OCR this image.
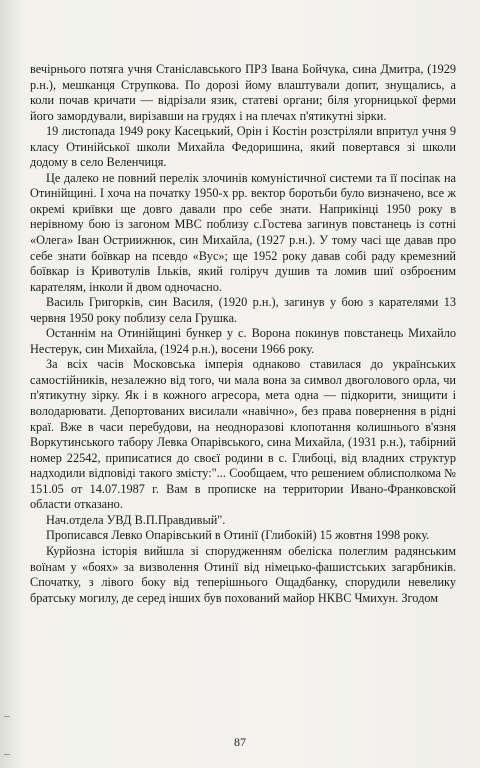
вечірнього потяга учня Станіславського ПРЗ Івана Бойчука, сина Дмитра, (1929 р.н.), мешканця Струпкова. По дорозі йому влаштували допит, знущались, а коли почав кричати — відрізали язик, статеві органи; біля угорницької ферми його замордували, вирізавши на грудях і на плечах п'ятикутні зірки.

19 листопада 1949 року Касецький, Орін і Костін розстріляли впритул учня 9 класу Отинійської школи Михайла Федоришина, який повертався зі школи додому в село Веленчиця.

Це далеко не повний перелік злочинів комуністичної системи та її посіпак на Отинійщині. І хоча на початку 1950-х рр. вектор боротьби було визначено, все ж окремі криївки ще довго давали про себе знати. Наприкінці 1950 року в нерівному бою із загоном МВС поблизу с.Гостева загинув повстанець із сотні «Олега» Іван Остриижнюк, син Михайла, (1927 р.н.). У тому часі ще давав про себе знати боївкар на псевдо «Вус»; ще 1952 року давав собі раду кремезний боївкар із Кривотулів Ільків, який голіруч душив та ломив шиї озброєним карателям, інколи й двом одночасно.

Василь Григорків, син Василя, (1920 р.н.), загинув у бою з карателями 13 червня 1950 року поблизу села Грушка.

Останнім на Отинійщині бункер у с. Ворона покинув повстанець Михайло Нестерук, син Михайла, (1924 р.н.), восени 1966 року.

За всіх часів Московська імперія однаково ставилася до українських самостійників, незалежно від того, чи мала вона за символ двоголового орла, чи п'ятикутну зірку. Як і в кожного агресора, мета одна — підкорити, знищити і володарювати. Депортованих висилали «навічно», без права повернення в рідні краї. Вже в часи перебудови, на неодноразові клопотання колишнього в'язня Воркутинського табору Левка Опарівського, сина Михайла, (1931 р.н.), табірний номер 22542, приписатися до своєї родини в с. Глибоці, від владних структур надходили відповіді такого змісту:"... Сообщаем, что решением облисполкома № 151.05 от 14.07.1987 г. Вам в прописке на территории Ивано-Франковской области отказано.

Нач.отдела УВД В.П.Правдивый".

Прописався Левко Опарівський в Отинії (Глибокій) 15 жовтня 1998 року.

Курйозна історія вийшла зі спорудженням обеліска полеглим радянським воїнам у «боях» за визволення Отинії від німецько-фашистських загарбників. Спочатку, з лівого боку від теперішнього Ощадбанку, спорудили невелику братську могилу, де серед інших був похований майор НКВС Чмихун. Згодом

87
